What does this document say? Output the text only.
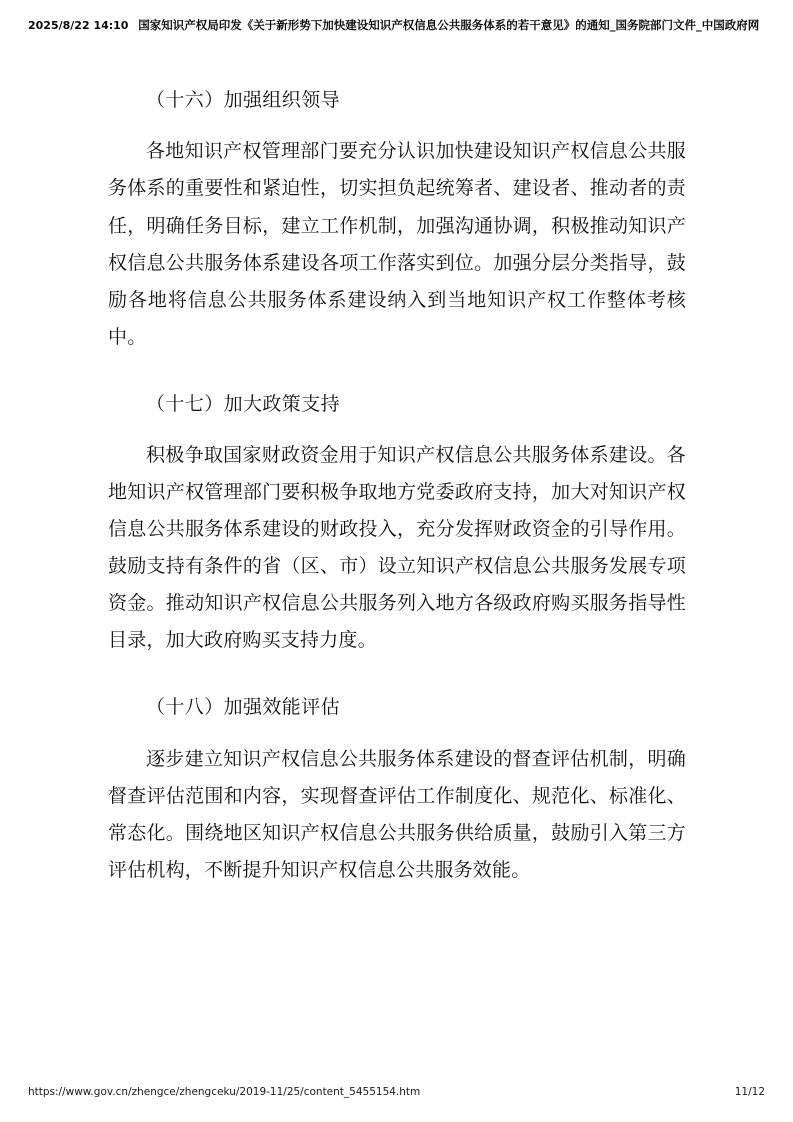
2025/8/22 14:10 国家知识产权局印发《关于新形势下加快建设知识产权信息公共服务体系的若干意见》的通知_国务院部门文件_中国政府网

（十六）加强组织领导

各地知识产权管理部门要充分认识加快建设知识产权信息公共服务体系的重要性和紧迫性，切实担负起统筹者、建设者、推动者的责任，明确任务目标，建立工作机制，加强沟通协调，积极推动知识产权信息公共服务体系建设各项工作落实到位。加强分层分类指导，鼓励各地将信息公共服务体系建设纳入到当地知识产权工作整体考核中。

（十七）加大政策支持

积极争取国家财政资金用于知识产权信息公共服务体系建设。各地知识产权管理部门要积极争取地方党委政府支持，加大对知识产权信息公共服务体系建设的财政投入，充分发挥财政资金的引导作用。鼓励支持有条件的省（区、市）设立知识产权信息公共服务发展专项资金。推动知识产权信息公共服务列入地方各级政府购买服务指导性目录，加大政府购买支持力度。

（十八）加强效能评估

逐步建立知识产权信息公共服务体系建设的督查评估机制，明确督查评估范围和内容，实现督查评估工作制度化、规范化、标准化、常态化。围绕地区知识产权信息公共服务供给质量，鼓励引入第三方评估机构，不断提升知识产权信息公共服务效能。

https://www.gov.cn/zhengce/zhengceku/2019-11/25/content_5455154.htm	11/12
